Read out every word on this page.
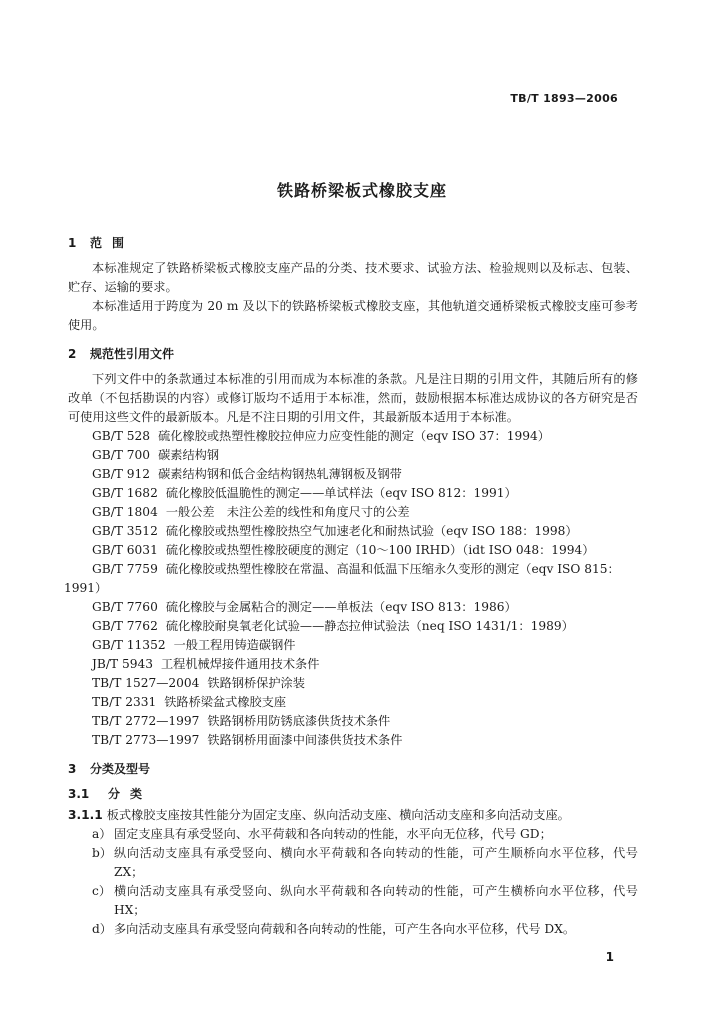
TB/T 1893—2006
铁路桥梁板式橡胶支座
1 范围

本标准规定了铁路桥梁板式橡胶支座产品的分类、技术要求、试验方法、检验规则以及标志、包装、贮存、运输的要求。

本标准适用于跨度为 20 m 及以下的铁路桥梁板式橡胶支座，其他轨道交通桥梁板式橡胶支座可参考使用。

2 规范性引用文件

下列文件中的条款通过本标准的引用而成为本标准的条款。凡是注日期的引用文件，其随后所有的修改单（不包括勘误的内容）或修订版均不适用于本标准，然而，鼓励根据本标准达成协议的各方研究是否可使用这些文件的最新版本。凡是不注日期的引用文件，其最新版本适用于本标准。

GB/T 528 硫化橡胶或热塑性橡胶拉伸应力应变性能的测定（eqv ISO 37：1994）
GB/T 700 碳素结构钢
GB/T 912 碳素结构钢和低合金结构钢热轧薄钢板及钢带
GB/T 1682 硫化橡胶低温脆性的测定——单试样法（eqv ISO 812：1991）
GB/T 1804 一般公差　未注公差的线性和角度尺寸的公差
GB/T 3512 硫化橡胶或热塑性橡胶热空气加速老化和耐热试验（eqv ISO 188：1998）
GB/T 6031 硫化橡胶或热塑性橡胶硬度的测定（10～100 IRHD）（idt ISO 048：1994）
GB/T 7759 硫化橡胶或热塑性橡胶在常温、高温和低温下压缩永久变形的测定（eqv ISO 815：
1991）
GB/T 7760 硫化橡胶与金属粘合的测定——单板法（eqv ISO 813：1986）
GB/T 7762 硫化橡胶耐臭氧老化试验——静态拉伸试验法（neq ISO 1431/1：1989）
GB/T 11352 一般工程用铸造碳钢件
JB/T 5943 工程机械焊接件通用技术条件
TB/T 1527—2004 铁路钢桥保护涂装
TB/T 2331 铁路桥梁盆式橡胶支座
TB/T 2772—1997 铁路钢桥用防锈底漆供货技术条件
TB/T 2773—1997 铁路钢桥用面漆中间漆供货技术条件
3 分类及型号
3.1 分类

3.1.1 板式橡胶支座按其性能分为固定支座、纵向活动支座、横向活动支座和多向活动支座。

a） 固定支座具有承受竖向、水平荷载和各向转动的性能，水平向无位移，代号 GD；
b） 纵向活动支座具有承受竖向、横向水平荷载和各向转动的性能，可产生顺桥向水平位移，代号 ZX；
c） 横向活动支座具有承受竖向、纵向水平荷载和各向转动的性能，可产生横桥向水平位移，代号 HX；
d） 多向活动支座具有承受竖向荷载和各向转动的性能，可产生各向水平位移，代号 DX。
1
